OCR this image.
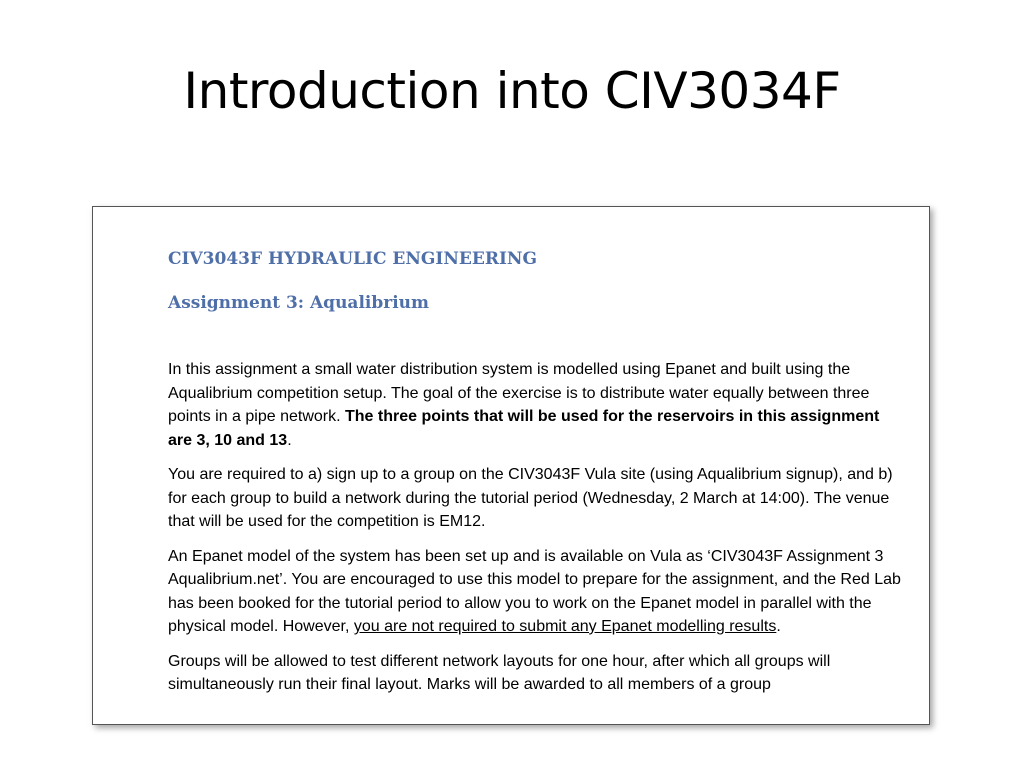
Introduction into CIV3034F

CIV3043F HYDRAULIC ENGINEERING

Assignment 3: Aqualibrium

In this assignment a small water distribution system is modelled using Epanet and built using the Aqualibrium competition setup. The goal of the exercise is to distribute water equally between three points in a pipe network. The three points that will be used for the reservoirs in this assignment are 3, 10 and 13.

You are required to a) sign up to a group on the CIV3043F Vula site (using Aqualibrium signup), and b) for each group to build a network during the tutorial period (Wednesday, 2 March at 14:00). The venue that will be used for the competition is EM12.

An Epanet model of the system has been set up and is available on Vula as ‘CIV3043F Assignment 3 Aqualibrium.net’. You are encouraged to use this model to prepare for the assignment, and the Red Lab has been booked for the tutorial period to allow you to work on the Epanet model in parallel with the physical model. However, you are not required to submit any Epanet modelling results.

Groups will be allowed to test different network layouts for one hour, after which all groups will simultaneously run their final layout. Marks will be awarded to all members of a group
